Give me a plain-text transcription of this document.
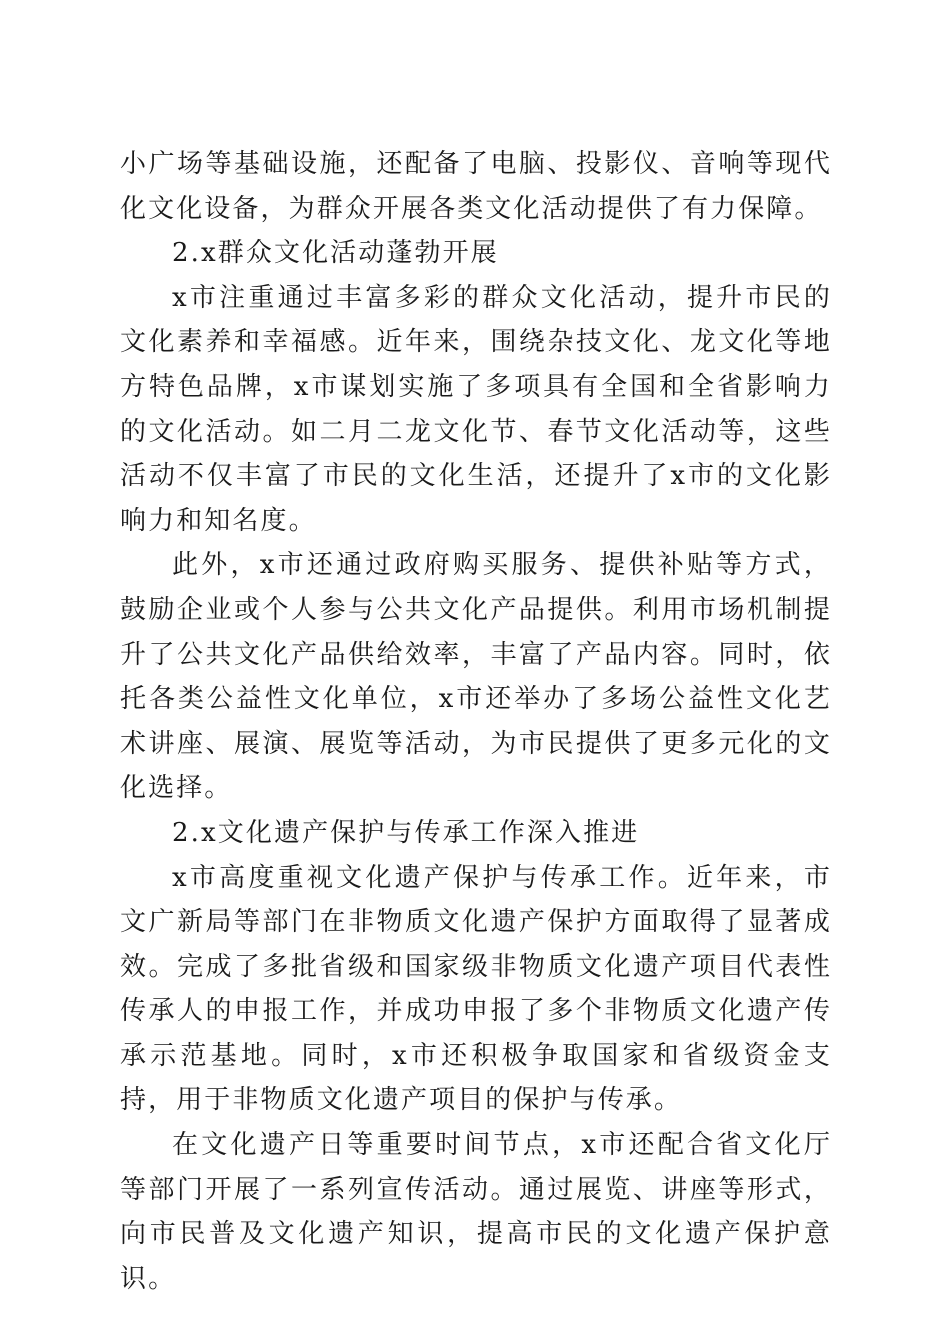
小广场等基础设施，还配备了电脑、投影仪、音响等现代化文化设备，为群众开展各类文化活动提供了有力保障。

2.x群众文化活动蓬勃开展

x市注重通过丰富多彩的群众文化活动，提升市民的文化素养和幸福感。近年来，围绕杂技文化、龙文化等地方特色品牌，x市谋划实施了多项具有全国和全省影响力的文化活动。如二月二龙文化节、春节文化活动等，这些活动不仅丰富了市民的文化生活，还提升了x市的文化影响力和知名度。

此外，x市还通过政府购买服务、提供补贴等方式，鼓励企业或个人参与公共文化产品提供。利用市场机制提升了公共文化产品供给效率，丰富了产品内容。同时，依托各类公益性文化单位，x市还举办了多场公益性文化艺术讲座、展演、展览等活动，为市民提供了更多元化的文化选择。

2.x文化遗产保护与传承工作深入推进

x市高度重视文化遗产保护与传承工作。近年来，市文广新局等部门在非物质文化遗产保护方面取得了显著成效。完成了多批省级和国家级非物质文化遗产项目代表性传承人的申报工作，并成功申报了多个非物质文化遗产传承示范基地。同时，x市还积极争取国家和省级资金支持，用于非物质文化遗产项目的保护与传承。

在文化遗产日等重要时间节点，x市还配合省文化厅等部门开展了一系列宣传活动。通过展览、讲座等形式，向市民普及文化遗产知识，提高市民的文化遗产保护意识。
